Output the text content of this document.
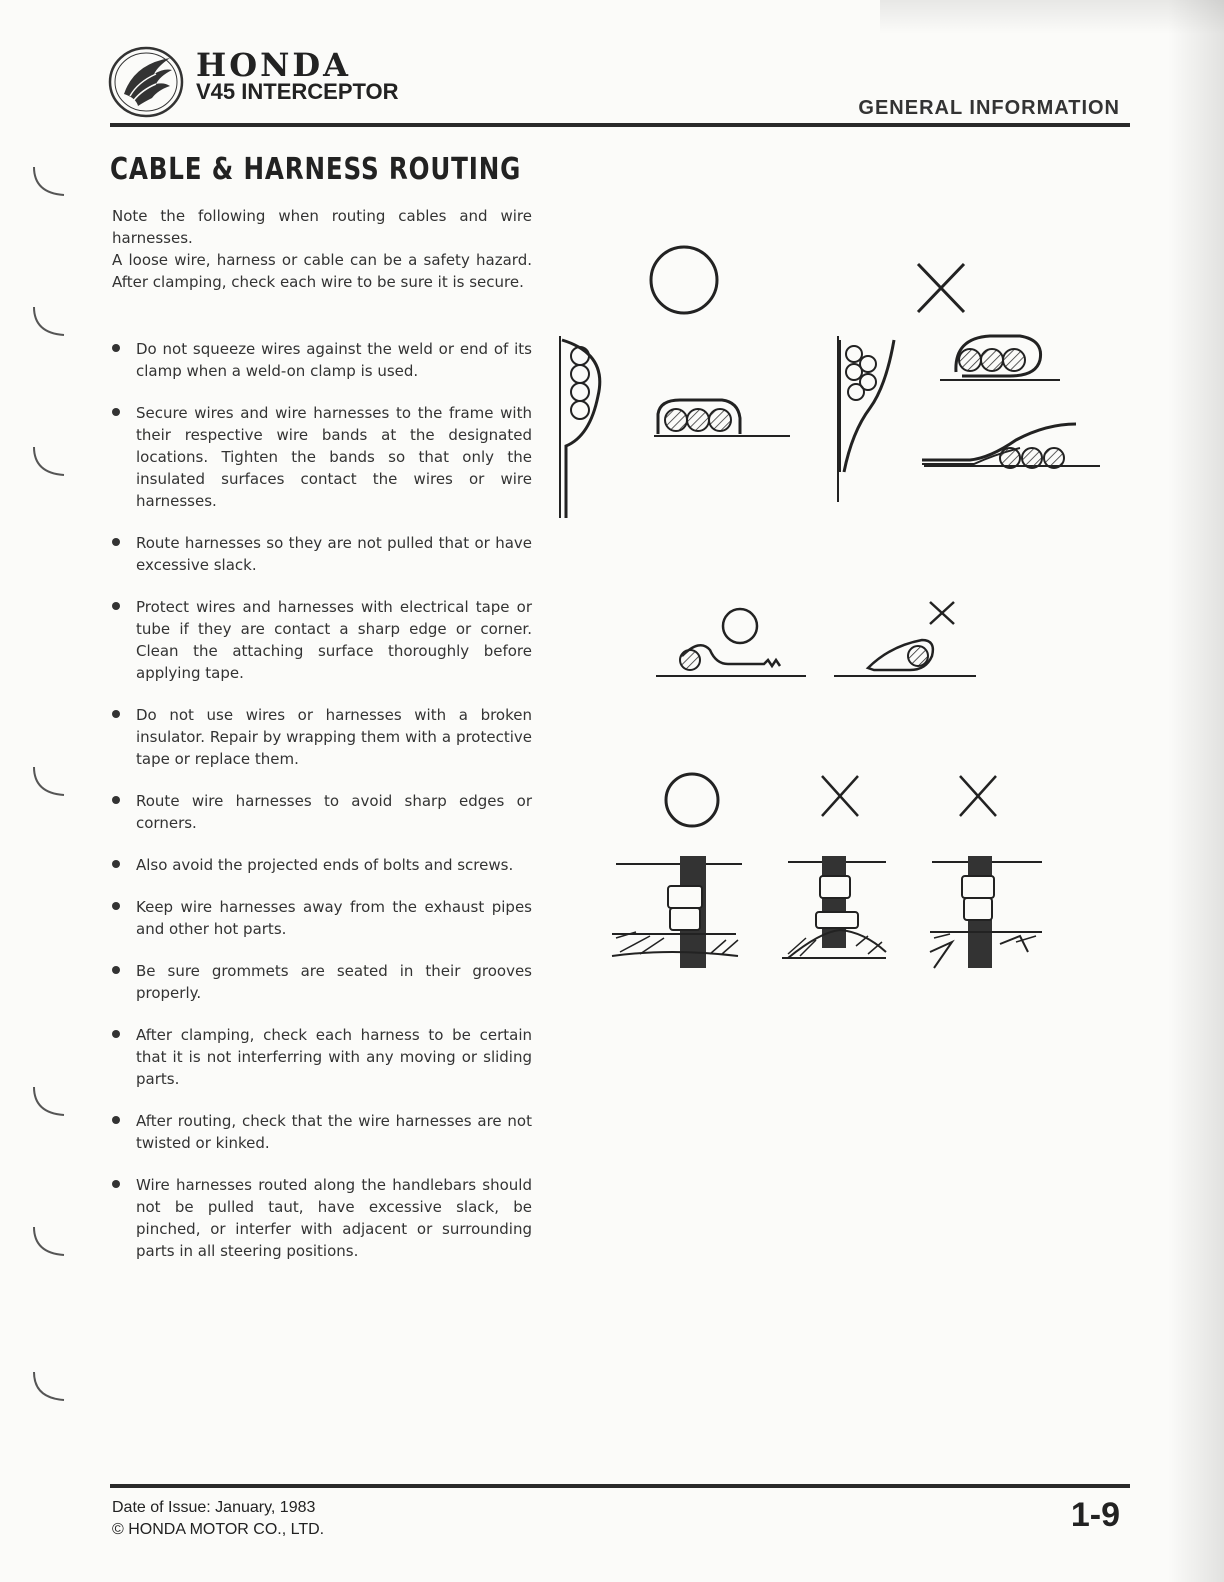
HONDA
V45 INTERCEPTOR
GENERAL INFORMATION
CABLE & HARNESS ROUTING

Note the following when routing cables and wire harnesses.

A loose wire, harness or cable can be a safety hazard. After clamping, check each wire to be sure it is secure.

Do not squeeze wires against the weld or end of its clamp when a weld-on clamp is used.
Secure wires and wire harnesses to the frame with their respective wire bands at the designated locations. Tighten the bands so that only the insulated surfaces contact the wires or wire harnesses.
Route harnesses so they are not pulled that or have excessive slack.
Protect wires and harnesses with electrical tape or tube if they are contact a sharp edge or corner. Clean the attaching surface thoroughly before applying tape.
Do not use wires or harnesses with a broken insulator. Repair by wrapping them with a protective tape or replace them.
Route wire harnesses to avoid sharp edges or corners.
Also avoid the projected ends of bolts and screws.
Keep wire harnesses away from the exhaust pipes and other hot parts.
Be sure grommets are seated in their grooves properly.
After clamping, check each harness to be certain that it is not interferring with any moving or sliding parts.
After routing, check that the wire harnesses are not twisted or kinked.
Wire harnesses routed along the handlebars should not be pulled taut, have excessive slack, be pinched, or interfer with adjacent or surrounding parts in all steering positions.
Date of Issue: January, 1983
© HONDA MOTOR CO., LTD.	1-9
